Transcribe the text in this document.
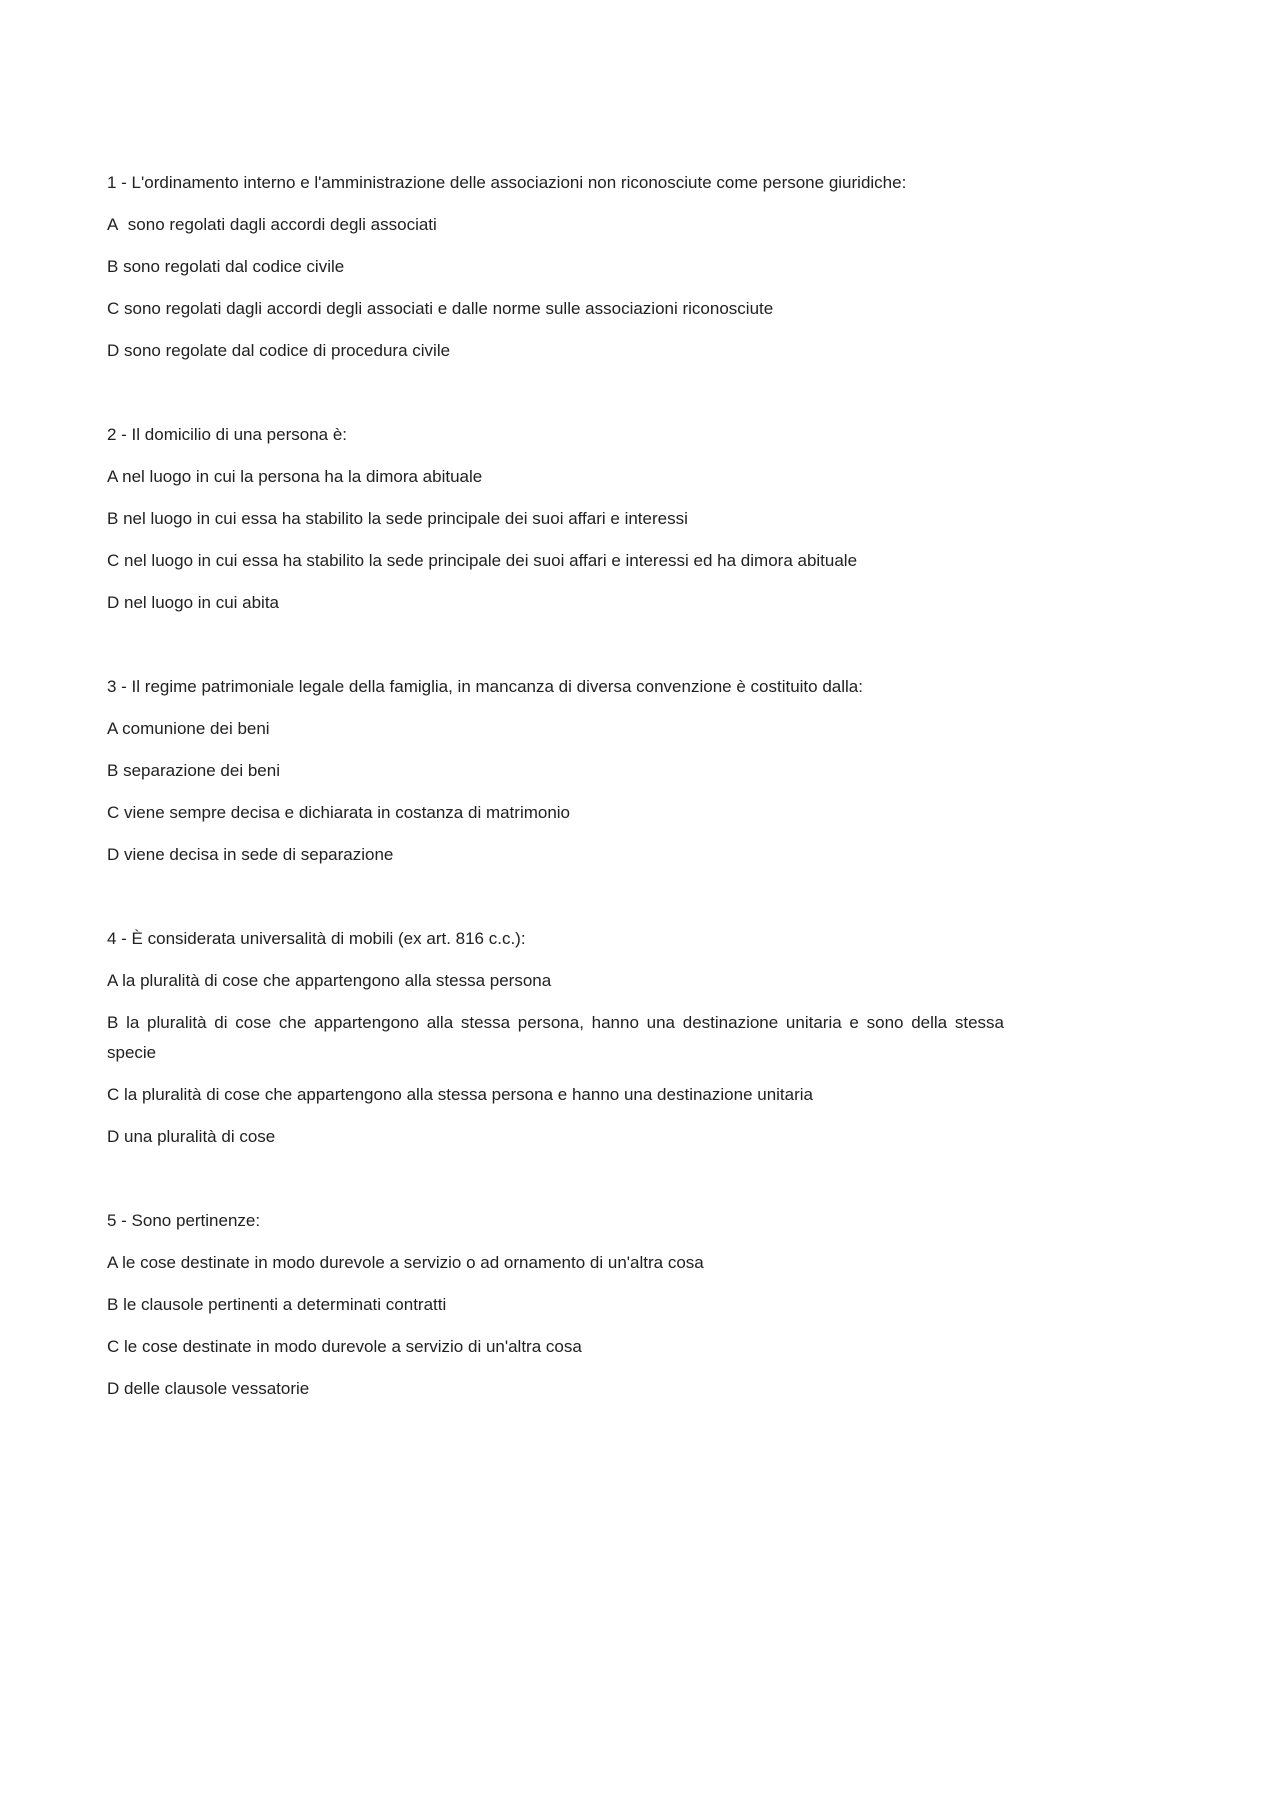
1 - L'ordinamento interno e l'amministrazione delle associazioni non riconosciute come persone giuridiche:

A sono regolati dagli accordi degli associati

B sono regolati dal codice civile

C sono regolati dagli accordi degli associati e dalle norme sulle associazioni riconosciute

D sono regolate dal codice di procedura civile

2 - Il domicilio di una persona è:

A nel luogo in cui la persona ha la dimora abituale

B nel luogo in cui essa ha stabilito la sede principale dei suoi affari e interessi

C nel luogo in cui essa ha stabilito la sede principale dei suoi affari e interessi ed ha dimora abituale

D nel luogo in cui abita

3 - Il regime patrimoniale legale della famiglia, in mancanza di diversa convenzione è costituito dalla:

A comunione dei beni

B separazione dei beni

C viene sempre decisa e dichiarata in costanza di matrimonio

D viene decisa in sede di separazione

4 - È considerata universalità di mobili (ex art. 816 c.c.):

A la pluralità di cose che appartengono alla stessa persona

B la pluralità di cose che appartengono alla stessa persona, hanno una destinazione unitaria e sono della stessa specie

C la pluralità di cose che appartengono alla stessa persona e hanno una destinazione unitaria

D una pluralità di cose

5 - Sono pertinenze:

A le cose destinate in modo durevole a servizio o ad ornamento di un'altra cosa

B le clausole pertinenti a determinati contratti

C le cose destinate in modo durevole a servizio di un'altra cosa

D delle clausole vessatorie
